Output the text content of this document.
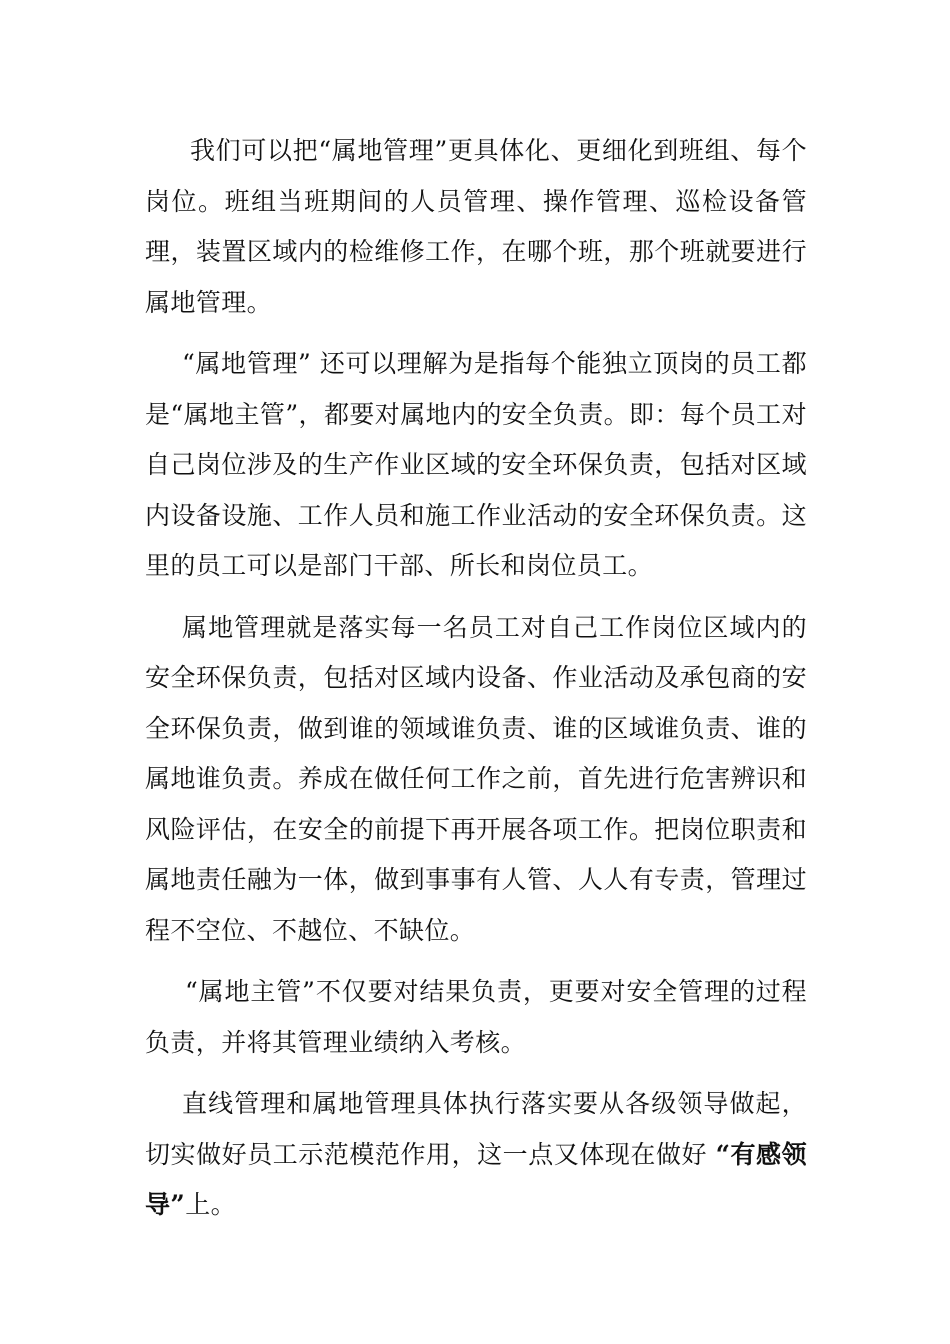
我们可以把“属地管理”更具体化、更细化到班组、每个岗位。班组当班期间的人员管理、操作管理、巡检设备管理，装置区域内的检维修工作，在哪个班，那个班就要进行属地管理。

“属地管理” 还可以理解为是指每个能独立顶岗的员工都是“属地主管”，都要对属地内的安全负责。即：每个员工对自己岗位涉及的生产作业区域的安全环保负责，包括对区域内设备设施、工作人员和施工作业活动的安全环保负责。这里的员工可以是部门干部、所长和岗位员工。

属地管理就是落实每一名员工对自己工作岗位区域内的安全环保负责，包括对区域内设备、作业活动及承包商的安全环保负责，做到谁的领域谁负责、谁的区域谁负责、谁的属地谁负责。养成在做任何工作之前，首先进行危害辨识和风险评估，在安全的前提下再开展各项工作。把岗位职责和属地责任融为一体，做到事事有人管、人人有专责，管理过程不空位、不越位、不缺位。

“属地主管”不仅要对结果负责，更要对安全管理的过程负责，并将其管理业绩纳入考核。

直线管理和属地管理具体执行落实要从各级领导做起，切实做好员工示范模范作用，这一点又体现在做好 “有感领导”上。
